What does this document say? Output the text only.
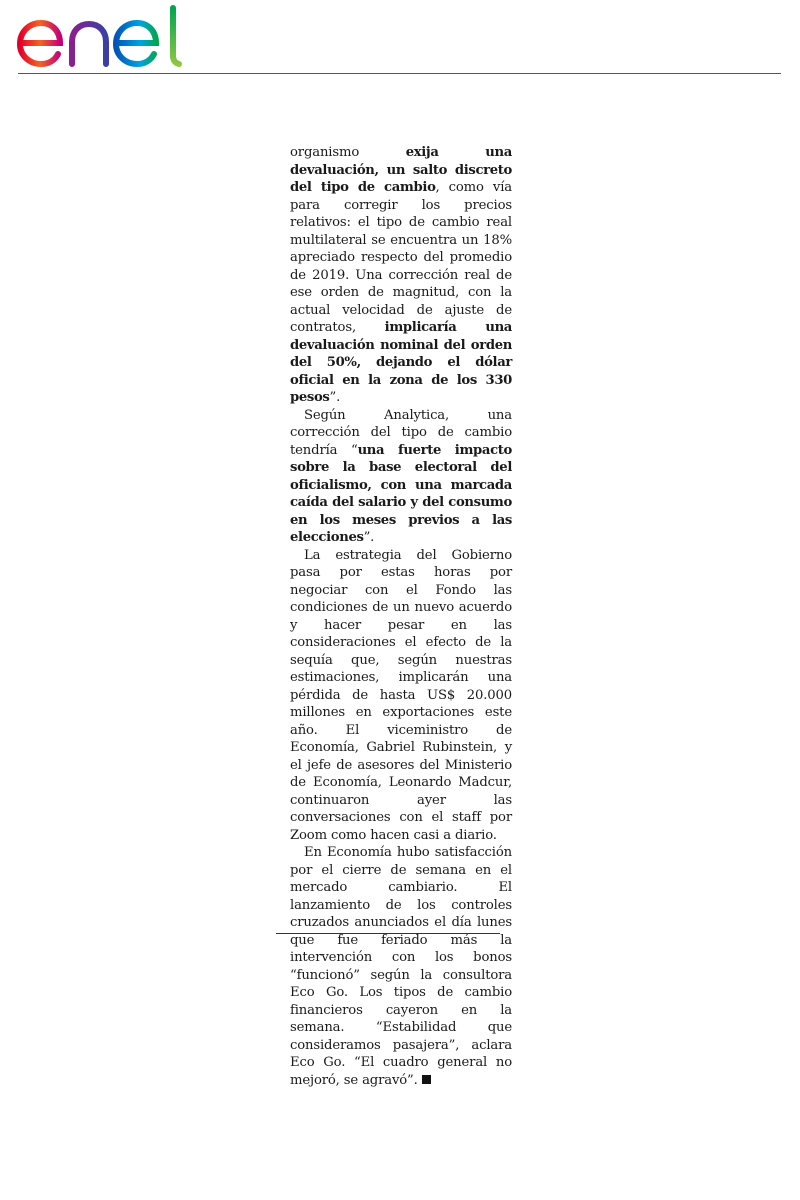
organismo exija una devaluación, un salto discreto del tipo de cambio, como vía para corregir los precios relativos: el tipo de cambio real multilateral se encuentra un 18% apreciado respecto del promedio de 2019. Una corrección real de ese orden de magnitud, con la actual velocidad de ajuste de contratos, implicaría una devaluación nominal del orden del 50%, dejando el dólar oficial en la zona de los 330 pesos”.

Según Analytica, una corrección del tipo de cambio tendría “una fuerte impacto sobre la base electoral del oficialismo, con una marcada caída del salario y del consumo en los meses previos a las elecciones”.

La estrategia del Gobierno pasa por estas horas por negociar con el Fondo las condiciones de un nuevo acuerdo y hacer pesar en las consideraciones el efecto de la sequía que, según nuestras estimaciones, implicarán una pérdida de hasta US$ 20.000 millones en exportaciones este año. El viceministro de Economía, Gabriel Rubinstein, y el jefe de asesores del Ministerio de Economía, Leonardo Madcur, continuaron ayer las conversaciones con el staff por Zoom como hacen casi a diario.

En Economía hubo satisfacción por el cierre de semana en el mercado cambiario. El lanzamiento de los controles cruzados anunciados el día lunes que fue feriado más la intervención con los bonos “funcionó” según la consultora Eco Go. Los tipos de cambio financieros cayeron en la semana. “Estabilidad que consideramos pasajera”, aclara Eco Go. “El cuadro general no mejoró, se agravó”.
